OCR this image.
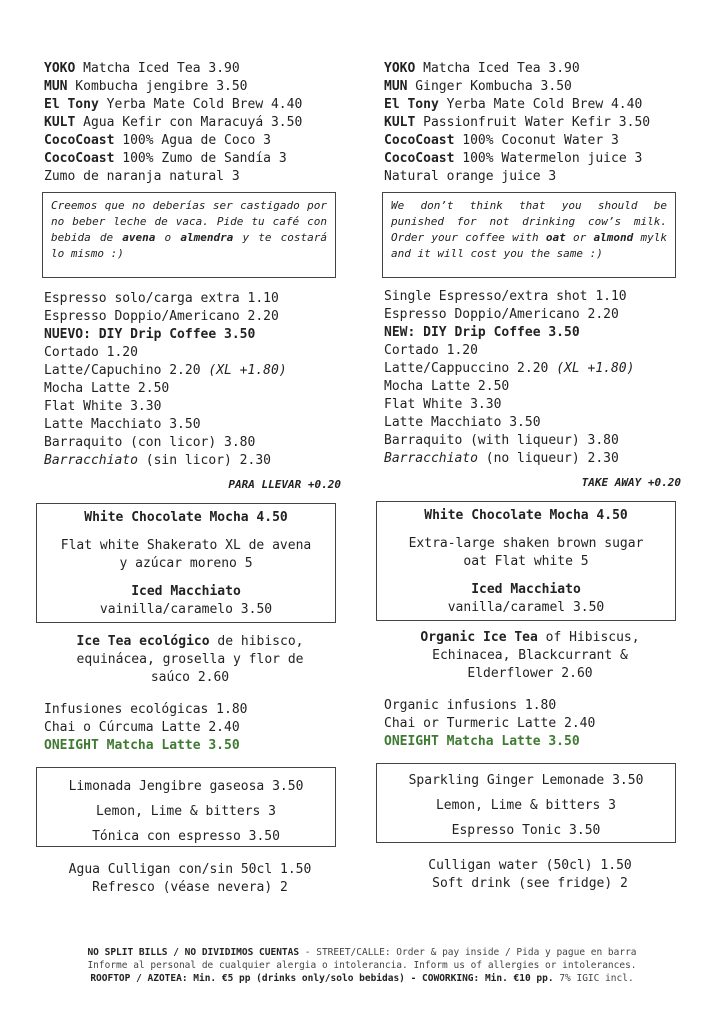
YOKO Matcha Iced Tea 3.90
MUN Kombucha jengibre 3.50
El Tony Yerba Mate Cold Brew 4.40
KULT Agua Kefir con Maracuyá 3.50
CocoCoast 100% Agua de Coco 3
CocoCoast 100% Zumo de Sandía 3
Zumo de naranja natural 3
Creemos que no deberías ser castigado por no beber leche de vaca. Pide tu café con bebida de avena o almendra y te costará lo mismo :)
Espresso solo/carga extra 1.10
Espresso Doppio/Americano 2.20
NUEVO: DIY Drip Coffee 3.50
Cortado 1.20
Latte/Capuchino 2.20 (XL +1.80)
Mocha Latte 2.50
Flat White 3.30
Latte Macchiato 3.50
Barraquito (con licor) 3.80
Barracchiato (sin licor) 2.30
PARA LLEVAR +0.20
White Chocolate Mocha 4.50
Flat white Shakerato XL de avena y azúcar moreno 5
Iced Macchiato
vainilla/caramelo 3.50
Ice Tea ecológico de hibisco, equinácea, grosella y flor de saúco 2.60
Infusiones ecológicas 1.80
Chai o Cúrcuma Latte 2.40
ONEIGHT Matcha Latte 3.50
Limonada Jengibre gaseosa 3.50
Lemon, Lime & bitters 3
Tónica con espresso 3.50
Agua Culligan con/sin 50cl 1.50
Refresco (véase nevera) 2
YOKO Matcha Iced Tea 3.90
MUN Ginger Kombucha 3.50
El Tony Yerba Mate Cold Brew 4.40
KULT Passionfruit Water Kefir 3.50
CocoCoast 100% Coconut Water 3
CocoCoast 100% Watermelon juice 3
Natural orange juice 3
We don’t think that you should be punished for not drinking cow’s milk. Order your coffee with oat or almond mylk and it will cost you the same :)
Single Espresso/extra shot 1.10
Espresso Doppio/Americano 2.20
NEW: DIY Drip Coffee 3.50
Cortado 1.20
Latte/Cappuccino 2.20 (XL +1.80)
Mocha Latte 2.50
Flat White 3.30
Latte Macchiato 3.50
Barraquito (with liqueur) 3.80
Barracchiato (no liqueur) 2.30
TAKE AWAY +0.20
White Chocolate Mocha 4.50
Extra-large shaken brown sugar oat Flat white 5
Iced Macchiato
vanilla/caramel 3.50
Organic Ice Tea of Hibiscus, Echinacea, Blackcurrant & Elderflower 2.60
Organic infusions 1.80
Chai or Turmeric Latte 2.40
ONEIGHT Matcha Latte 3.50
Sparkling Ginger Lemonade 3.50
Lemon, Lime & bitters 3
Espresso Tonic 3.50
Culligan water (50cl) 1.50
Soft drink (see fridge) 2
NO SPLIT BILLS / NO DIVIDIMOS CUENTAS - STREET/CALLE: Order & pay inside / Pida y pague en barra
Informe al personal de cualquier alergia o intolerancia. Inform us of allergies or intolerances.
ROOFTOP / AZOTEA: Min. €5 pp (drinks only/solo bebidas) - COWORKING: Min. €10 pp. 7% IGIC incl.
